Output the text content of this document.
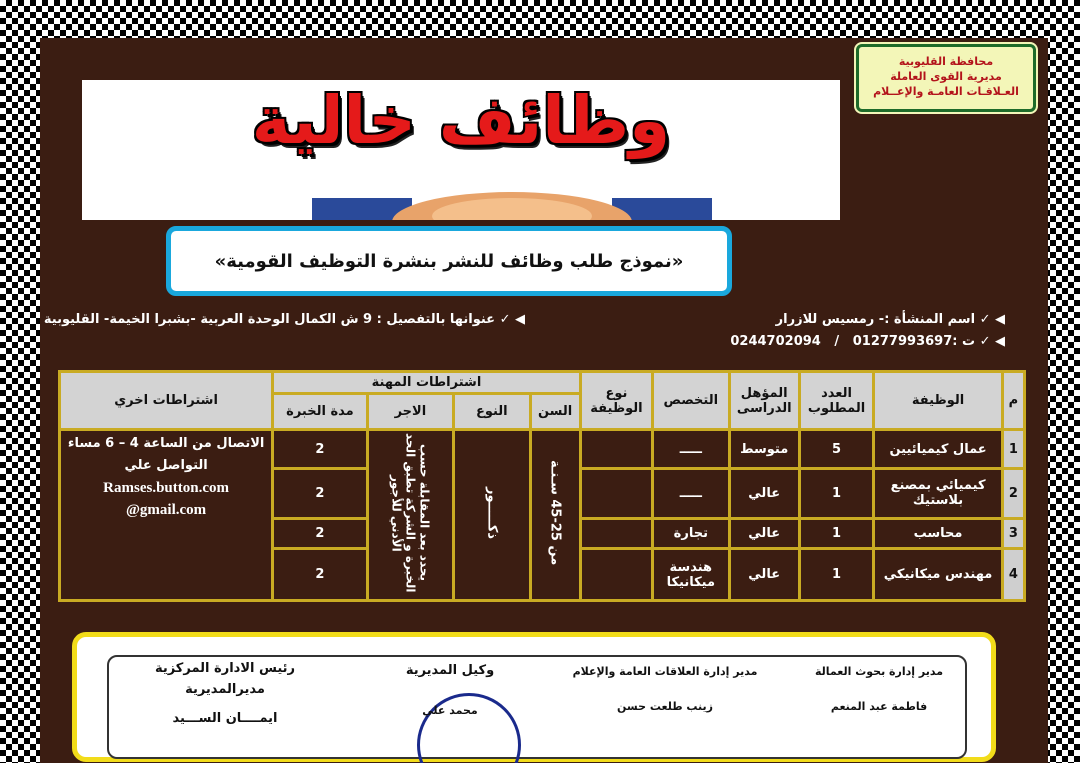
محافظة القليوبية
مديرية القوى العاملة
العـلاقـات العامـة والإعــلام
وظائف خالية
«نموذج طلب وظائف للنشر بنشرة التوظيف القومية»
◀ ✓ اسم المنشأة :- رمسيس للازرار
◀ ✓ ت :01277993697   /   0244702094
◀ ✓ عنوانها بالتفصيل : 9 ش الكمال الوحدة العربية -بشبرا الخيمة- القليوبية
م	الوظيفة	العدد المطلوب	المؤهل الدراسى	التخصص	نوع الوظيفة	اشتراطات المهنة				اشتراطات اخري
						السن	النوع	الاجر	مدة الخبرة	
1	عمال كيميائيين	5	متوسط	ـــــ		من 25-45 سـنـة	ذكـــــور	يحدد بعد المقابلة حسب الخبرة و الشركة تطبق الحد الأدني للأجور	2	الاتصال من الساعة 4 – 6 مساء
التواصل علي
Ramses.button.com
@gmail.com

2	كيميائي بمصنع بلاستيك	1	عالي	ـــــ					2	
3	محاسب	1	عالي	تجارة					2	
4	مهندس ميكانيكي	1	عالي	هندسة ميكانيكا					2	
مدير إدارة بحوث العمالة
فاطمة عبد المنعم
مدير إدارة العلاقات العامة والإعلام
زينب طلعت حسن
وكيل المديرية
محمد علي
رئيس الادارة المركزية
مديرالمديرية
ايمــــان الســـيد
